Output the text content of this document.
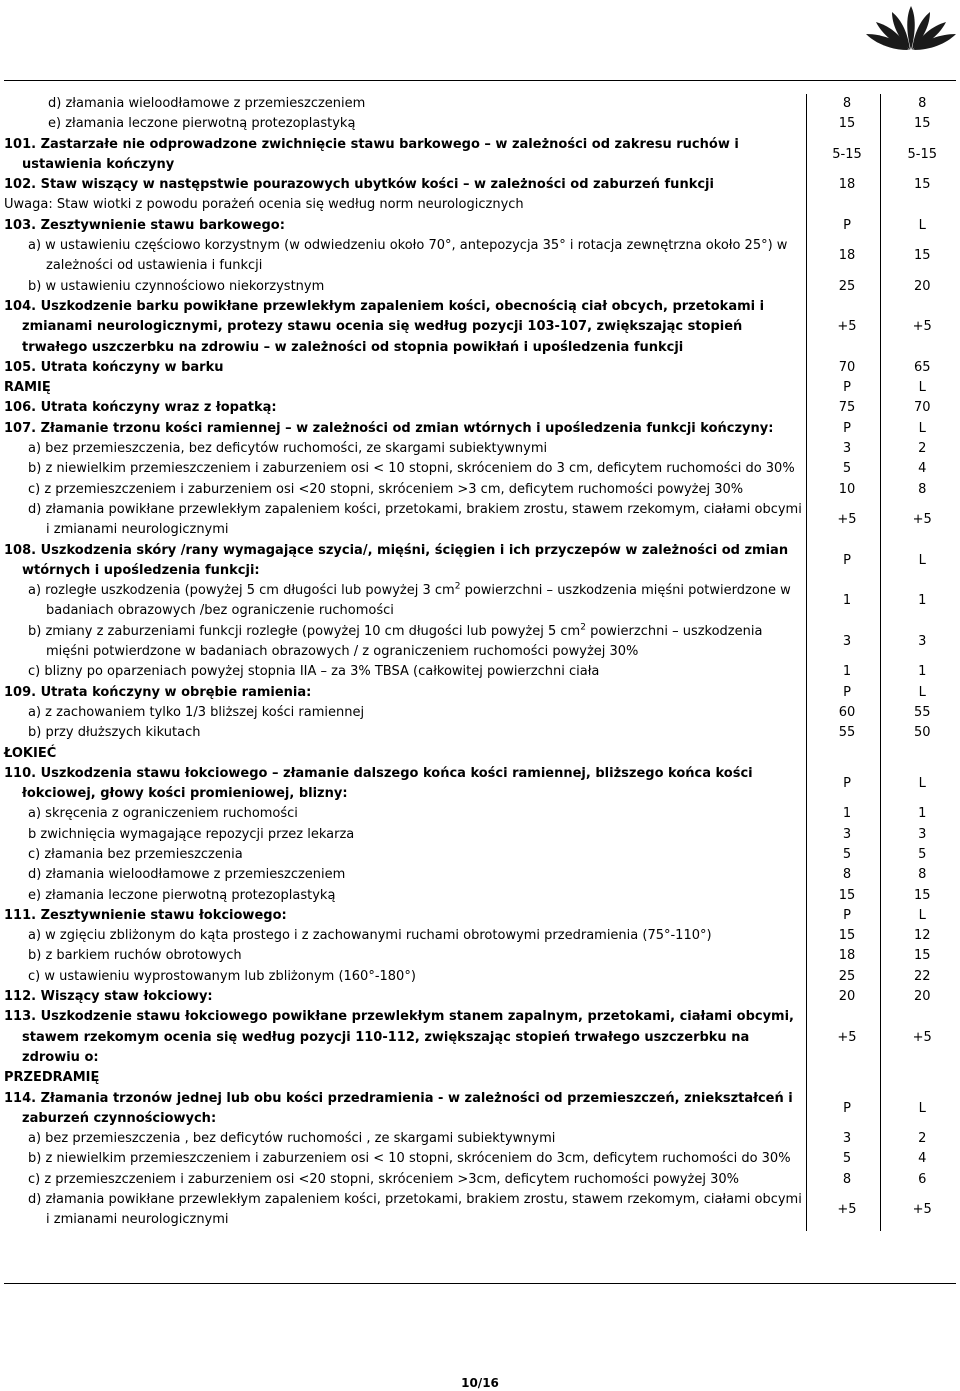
d) złamania wieloodłamowe z przemieszczeniem	8	8

e) złamania leczone pierwotną protezoplastyką	15	15

101. Zastarzałe nie odprowadzone zwichnięcie stawu barkowego – w zależności od zakresu ruchów i ustawienia kończyny	5-15	5-15

102. Staw wiszący w następstwie pourazowych ubytków kości – w zależności od zaburzeń funkcji	18	15

Uwaga: Staw wiotki z powodu porażeń ocenia się według norm neurologicznych		

103. Zesztywnienie stawu barkowego:	P	L

a) w ustawieniu częściowo korzystnym (w odwiedzeniu około 70°, antepozycja 35° i rotacja zewnętrzna około 25°) w zależności od ustawienia i funkcji	18	15

b) w ustawieniu czynnościowo niekorzystnym	25	20

104. Uszkodzenie barku powikłane przewlekłym zapaleniem kości, obecnością ciał obcych, przetokami i zmianami neurologicznymi, protezy stawu ocenia się według pozycji 103-107, zwiększając stopień trwałego uszczerbku na zdrowiu – w zależności od stopnia powikłań i upośledzenia funkcji	+5	+5

105. Utrata kończyny w barku	70	65

RAMIĘ	P	L

106. Utrata kończyny wraz z łopatką:	75	70

107. Złamanie trzonu kości ramiennej – w zależności od zmian wtórnych i upośledzenia funkcji kończyny:	P	L

a) bez przemieszczenia, bez deficytów ruchomości, ze skargami subiektywnymi	3	2

b) z niewielkim przemieszczeniem i zaburzeniem osi < 10 stopni, skróceniem do 3 cm, deficytem ruchomości do 30%	5	4

c) z przemieszczeniem i zaburzeniem osi <20 stopni, skróceniem >3 cm, deficytem ruchomości powyżej 30%	10	8

d) złamania powikłane przewlekłym zapaleniem kości, przetokami, brakiem zrostu, stawem rzekomym, ciałami obcymi i zmianami neurologicznymi	+5	+5

108. Uszkodzenia skóry /rany wymagające szycia/, mięśni, ścięgien i ich przyczepów w zależności od zmian wtórnych i upośledzenia funkcji:	P	L

a) rozległe uszkodzenia (powyżej 5 cm długości lub powyżej 3 $cm^2$ powierzchni – uszkodzenia mięśni potwierdzone w badaniach obrazowych /bez ograniczenie ruchomości	1	1

b) zmiany z zaburzeniami funkcji rozległe (powyżej 10 cm długości lub powyżej 5 $cm^2$ powierzchni – uszkodzenia mięśni potwierdzone w badaniach obrazowych / z ograniczeniem ruchomości powyżej 30%	3	3

c) blizny po oparzeniach powyżej stopnia IIA – za 3% TBSA (całkowitej powierzchni ciała	1	1

109. Utrata kończyny w obrębie ramienia:	P	L

a) z zachowaniem tylko 1/3 bliższej kości ramiennej	60	55

b) przy dłuższych kikutach	55	50

ŁOKIEĆ		

110. Uszkodzenia stawu łokciowego – złamanie dalszego końca kości ramiennej, bliższego końca kości łokciowej, głowy kości promieniowej, blizny:	P	L

a) skręcenia z ograniczeniem ruchomości	1	1

b zwichnięcia wymagające repozycji przez lekarza	3	3

c) złamania bez przemieszczenia	5	5

d) złamania wieloodłamowe z przemieszczeniem	8	8

e) złamania leczone pierwotną protezoplastyką	15	15

111. Zesztywnienie stawu łokciowego:	P	L

a) w zgięciu zbliżonym do kąta prostego i z zachowanymi ruchami obrotowymi przedramienia (75°-110°)	15	12

b) z barkiem ruchów obrotowych	18	15

c) w ustawieniu wyprostowanym lub zbliżonym (160°-180°)	25	22

112. Wiszący staw łokciowy:	20	20

113. Uszkodzenie stawu łokciowego powikłane przewlekłym stanem zapalnym, przetokami, ciałami obcymi, stawem rzekomym ocenia się według pozycji 110-112, zwiększając stopień trwałego uszczerbku na zdrowiu o:	+5	+5

PRZEDRAMIĘ		

114. Złamania trzonów jednej lub obu kości przedramienia - w zależności od przemieszczeń, zniekształceń i zaburzeń czynnościowych:	P	L

a) bez przemieszczenia , bez deficytów ruchomości , ze skargami subiektywnymi	3	2

b) z niewielkim przemieszczeniem i zaburzeniem osi < 10 stopni, skróceniem do 3cm, deficytem ruchomości do 30%	5	4

c) z przemieszczeniem i zaburzeniem osi <20 stopni, skróceniem >3cm, deficytem ruchomości powyżej 30%	8	6

d) złamania powikłane przewlekłym zapaleniem kości, przetokami, brakiem zrostu, stawem rzekomym, ciałami obcymi i zmianami neurologicznymi	+5	+5
10/16
